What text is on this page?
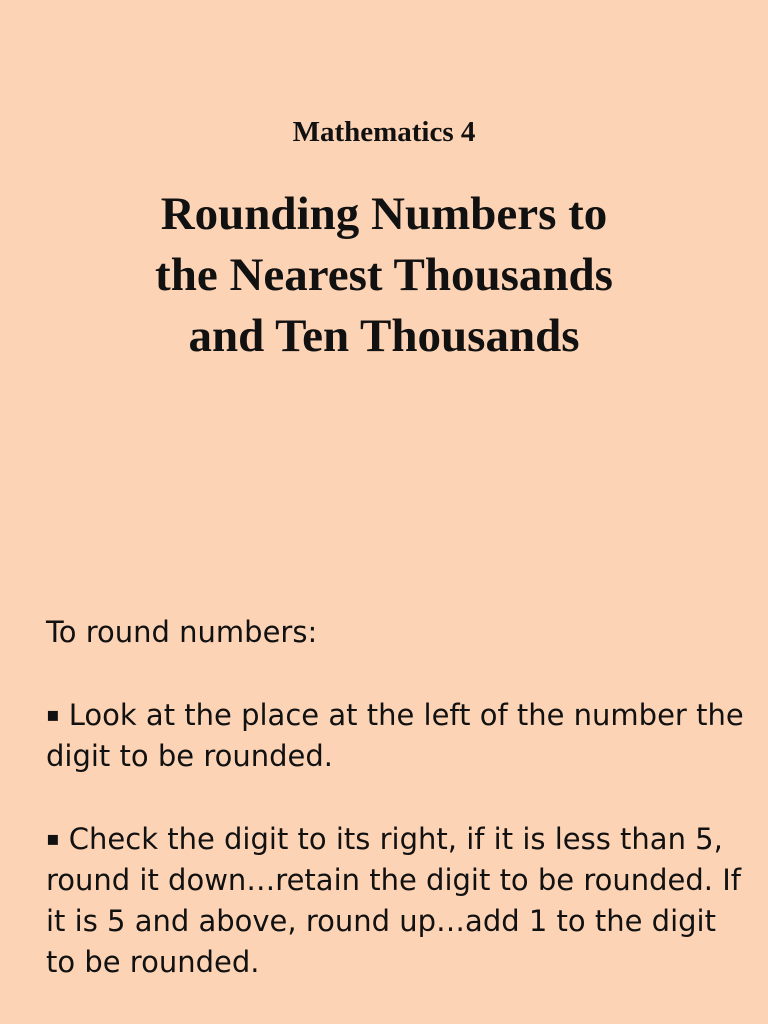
Mathematics 4
Rounding Numbers to
the Nearest Thousands
and Ten Thousands

To round numbers:

▪ Look at the place at the left of the number the digit to be rounded.

▪ Check the digit to its right, if it is less than 5, round it down…retain the digit to be rounded. If it is 5 and above, round up…add 1 to the digit to be rounded.
